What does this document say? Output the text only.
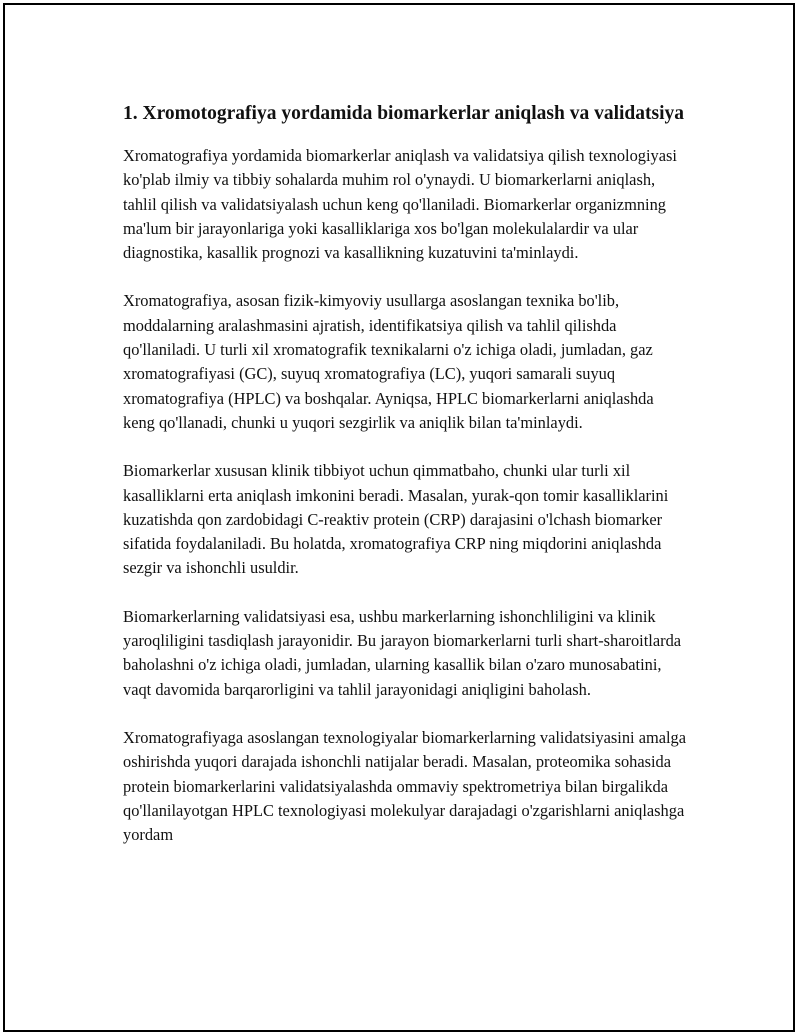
1. Xromotografiya yordamida biomarkerlar aniqlash va validatsiya

Xromatografiya yordamida biomarkerlar aniqlash va validatsiya qilish texnologiyasi ko'plab ilmiy va tibbiy sohalarda muhim rol o'ynaydi. U biomarkerlarni aniqlash, tahlil qilish va validatsiyalash uchun keng qo'llaniladi. Biomarkerlar organizmning ma'lum bir jarayonlariga yoki kasalliklariga xos bo'lgan molekulalardir va ular diagnostika, kasallik prognozi va kasallikning kuzatuvini ta'minlaydi.

Xromatografiya, asosan fizik-kimyoviy usullarga asoslangan texnika bo'lib, moddalarning aralashmasini ajratish, identifikatsiya qilish va tahlil qilishda qo'llaniladi. U turli xil xromatografik texnikalarni o'z ichiga oladi, jumladan, gaz xromatografiyasi (GC), suyuq xromatografiya (LC), yuqori samarali suyuq xromatografiya (HPLC) va boshqalar. Ayniqsa, HPLC biomarkerlarni aniqlashda keng qo'llanadi, chunki u yuqori sezgirlik va aniqlik bilan ta'minlaydi.

Biomarkerlar xususan klinik tibbiyot uchun qimmatbaho, chunki ular turli xil kasalliklarni erta aniqlash imkonini beradi. Masalan, yurak-qon tomir kasalliklarini kuzatishda qon zardobidagi C-reaktiv protein (CRP) darajasini o'lchash biomarker sifatida foydalaniladi. Bu holatda, xromatografiya CRP ning miqdorini aniqlashda sezgir va ishonchli usuldir.

Biomarkerlarning validatsiyasi esa, ushbu markerlarning ishonchliligini va klinik yaroqliligini tasdiqlash jarayonidir. Bu jarayon biomarkerlarni turli shart-sharoitlarda baholashni o'z ichiga oladi, jumladan, ularning kasallik bilan o'zaro munosabatini, vaqt davomida barqarorligini va tahlil jarayonidagi aniqligini baholash.

Xromatografiyaga asoslangan texnologiyalar biomarkerlarning validatsiyasini amalga oshirishda yuqori darajada ishonchli natijalar beradi. Masalan, proteomika sohasida protein biomarkerlarini validatsiyalashda ommaviy spektrometriya bilan birgalikda qo'llanilayotgan HPLC texnologiyasi molekulyar darajadagi o'zgarishlarni aniqlashga yordam
